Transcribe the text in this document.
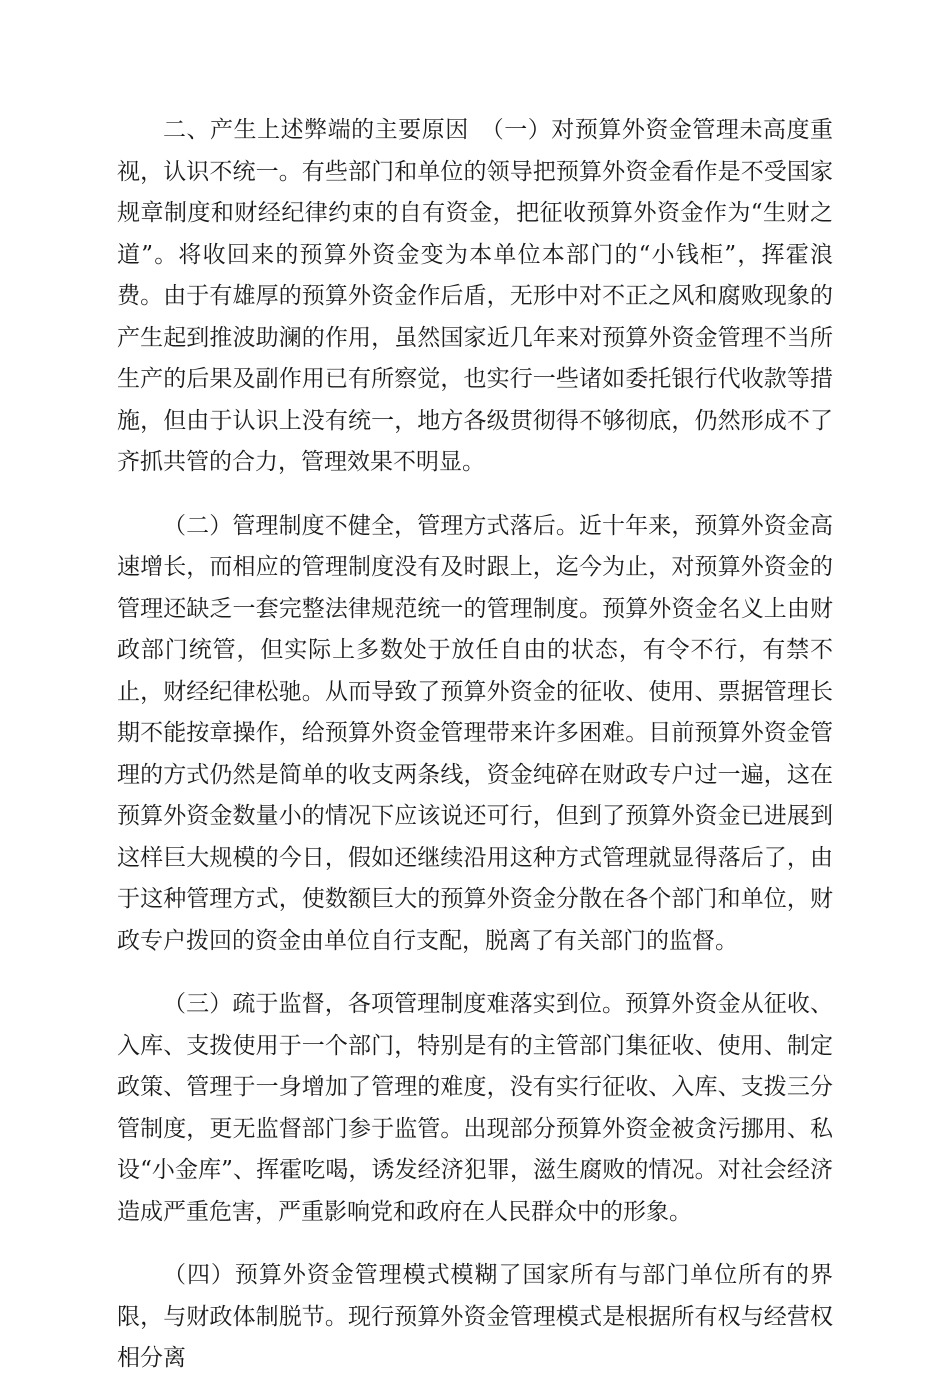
二、产生上述弊端的主要原因　（一）对预算外资金管理未高度重视，认识不统一。有些部门和单位的领导把预算外资金看作是不受国家规章制度和财经纪律约束的自有资金，把征收预算外资金作为“生财之道”。将收回来的预算外资金变为本单位本部门的“小钱柜”，挥霍浪费。由于有雄厚的预算外资金作后盾，无形中对不正之风和腐败现象的产生起到推波助澜的作用，虽然国家近几年来对预算外资金管理不当所生产的后果及副作用已有所察觉，也实行一些诸如委托银行代收款等措施，但由于认识上没有统一，地方各级贯彻得不够彻底，仍然形成不了齐抓共管的合力，管理效果不明显。

（二）管理制度不健全，管理方式落后。近十年来，预算外资金高速增长，而相应的管理制度没有及时跟上，迄今为止，对预算外资金的管理还缺乏一套完整法律规范统一的管理制度。预算外资金名义上由财政部门统管，但实际上多数处于放任自由的状态，有令不行，有禁不止，财经纪律松驰。从而导致了预算外资金的征收、使用、票据管理长期不能按章操作，给预算外资金管理带来许多困难。目前预算外资金管理的方式仍然是简单的收支两条线，资金纯碎在财政专户过一遍，这在预算外资金数量小的情况下应该说还可行，但到了预算外资金已进展到这样巨大规模的今日，假如还继续沿用这种方式管理就显得落后了，由于这种管理方式，使数额巨大的预算外资金分散在各个部门和单位，财政专户拨回的资金由单位自行支配，脱离了有关部门的监督。

（三）疏于监督，各项管理制度难落实到位。预算外资金从征收、入库、支拨使用于一个部门，特别是有的主管部门集征收、使用、制定政策、管理于一身增加了管理的难度，没有实行征收、入库、支拨三分管制度，更无监督部门参于监管。出现部分预算外资金被贪污挪用、私设“小金库”、挥霍吃喝，诱发经济犯罪，滋生腐败的情况。对社会经济造成严重危害，严重影响党和政府在人民群众中的形象。

（四）预算外资金管理模式模糊了国家所有与部门单位所有的界限，与财政体制脱节。现行预算外资金管理模式是根据所有权与经营权相分离
